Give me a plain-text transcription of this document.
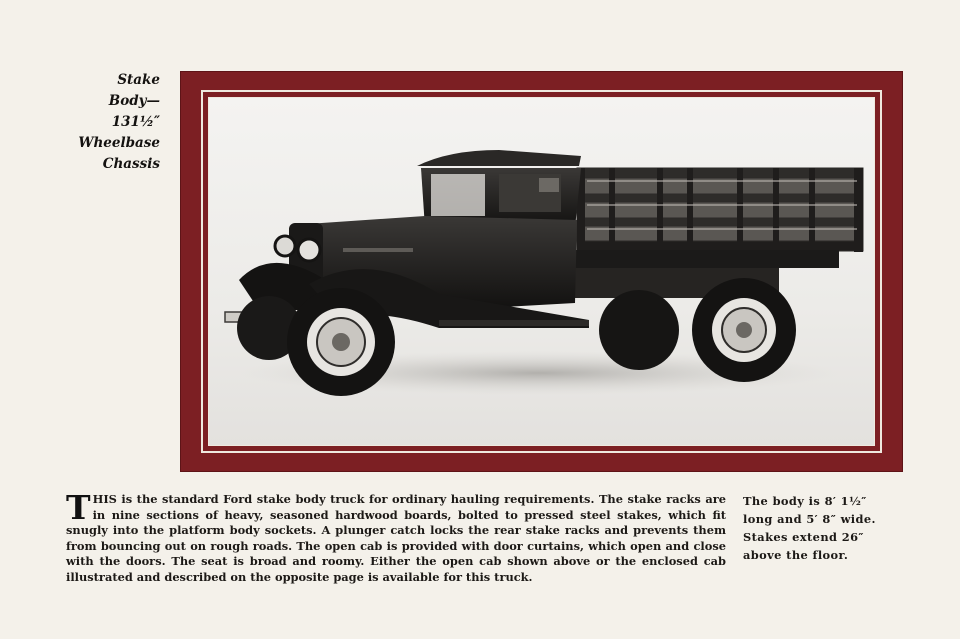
Stake
Body—
131½″
Wheelbase
Chassis
THIS is the standard Ford stake body truck for ordinary hauling requirements. The stake racks are in nine sections of heavy, seasoned hardwood boards, bolted to pressed steel stakes, which fit snugly into the platform body sockets. A plunger catch locks the rear stake racks and prevents them from bouncing out on rough roads. The open cab is provided with door curtains, which open and close with the doors. The seat is broad and roomy. Either the open cab shown above or the enclosed cab illustrated and described on the opposite page is available for this truck.
The body is 8′ 1½″ long and 5′ 8″ wide. Stakes extend 26″ above the floor.
